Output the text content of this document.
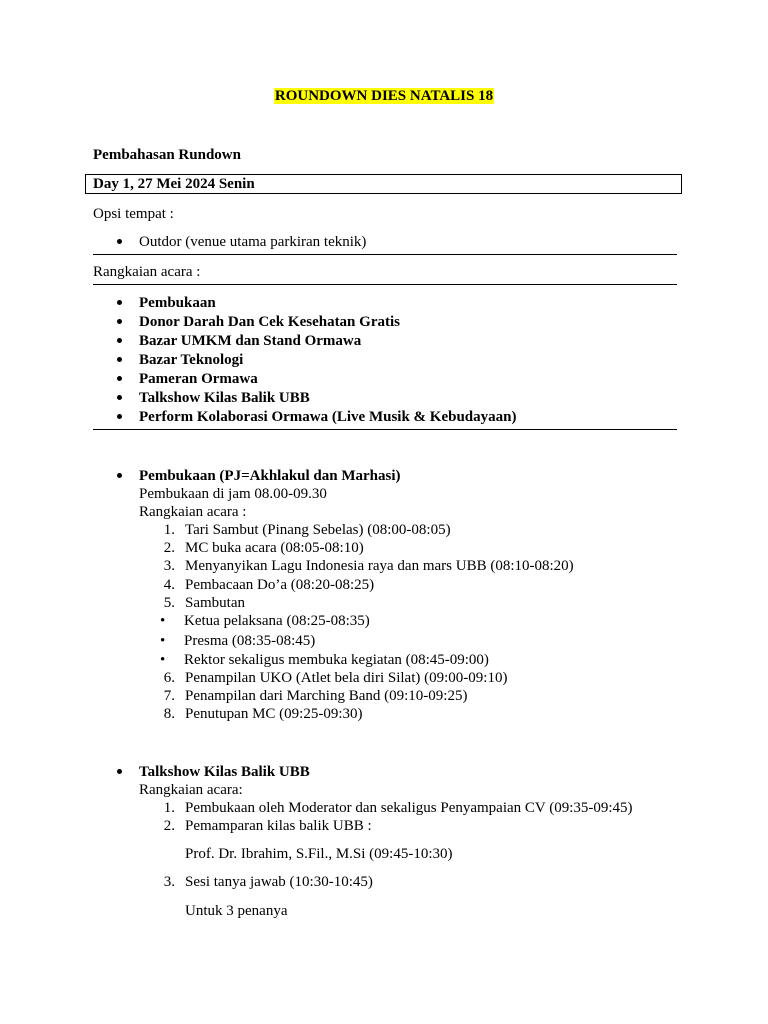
ROUNDOWN DIES NATALIS 18
Pembahasan Rundown
Day 1, 27 Mei 2024 Senin
Opsi tempat :
Outdor (venue utama parkiran teknik)
Rangkaian acara :
Pembukaan
Donor Darah Dan Cek Kesehatan Gratis
Bazar UMKM dan Stand Ormawa
Bazar Teknologi
Pameran Ormawa
Talkshow Kilas Balik UBB
Perform Kolaborasi Ormawa (Live Musik & Kebudayaan)
Pembukaan (PJ=Akhlakul dan Marhasi)
Pembukaan di jam 08.00-09.30
Rangkaian acara :
1. Tari Sambut (Pinang Sebelas) (08:00-08:05)
2. MC buka acara (08:05-08:10)
3. Menyanyikan Lagu Indonesia raya dan mars UBB (08:10-08:20)
4. Pembacaan Do’a (08:20-08:25)
5. Sambutan
• Ketua pelaksana (08:25-08:35)
• Presma (08:35-08:45)
• Rektor sekaligus membuka kegiatan (08:45-09:00)
6. Penampilan UKO (Atlet bela diri Silat) (09:00-09:10)
7. Penampilan dari Marching Band (09:10-09:25)
8. Penutupan MC (09:25-09:30)
Talkshow Kilas Balik UBB
Rangkaian acara:
1. Pembukaan oleh Moderator dan sekaligus Penyampaian CV (09:35-09:45)
2. Pemamparan kilas balik UBB :
Prof. Dr. Ibrahim, S.Fil., M.Si (09:45-10:30)
3. Sesi tanya jawab (10:30-10:45)
Untuk 3 penanya
